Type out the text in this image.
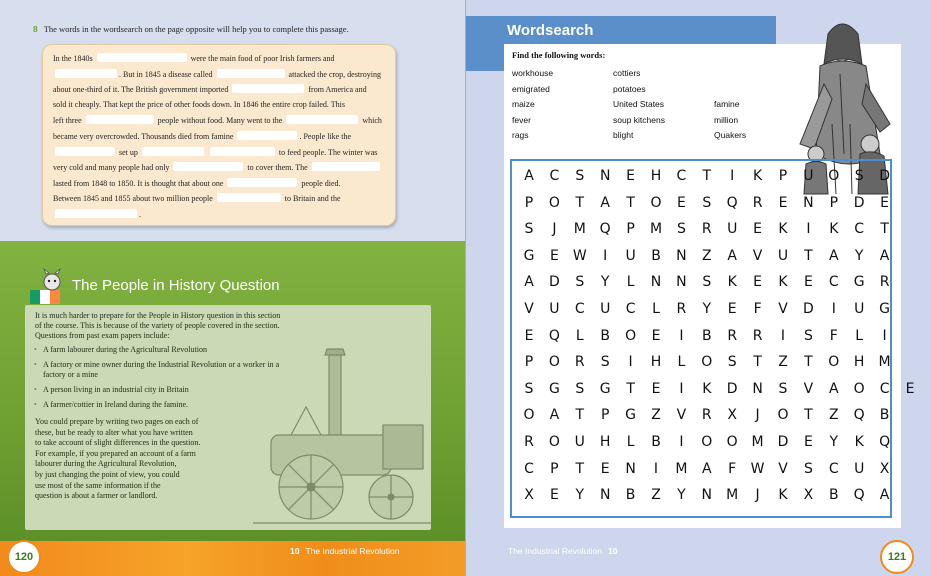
8 The words in the wordsearch on the page opposite will help you to complete this passage.
In the 1840s	were the main food of poor Irish farmers and
. But in 1845 a disease called	attacked the crop, destroying
about one-third of it. The British government imported	from America and
sold it cheaply. That kept the price of other foods down. In 1846 the entire crop failed. This
left three	people without food. Many went to the	which
became very overcrowded. Thousands died from famine	. People like the
set up	to feed people. The winter was
very cold and many people had only	to cover them. The
lasted from 1848 to 1850. It is thought that about one	people died.
Between 1845 and 1855 about two million people	to Britain and the
.
The People in History Question
It is much harder to prepare for the People in History question in this section
of the course. This is because of the variety of people covered in the section.
Questions from past exam papers include:
• A farm labourer during the Agricultural Revolution
• A factory or mine owner during the Industrial Revolution or a worker in a
factory or a mine
• A person living in an industrial city in Britain
• A farmer/cottier in Ireland during the famine.
You could prepare by writing two pages on each of
these, but be ready to alter what you have written
to take account of slight differences in the question.
For example, if you prepared an account of a farm
labourer during the Agricultural Revolution,
by just changing the point of view, you could
use most of the same information if the
question is about a farmer or landlord.
120	10 The Industrial Revolution
Wordsearch
Find the following words:
workhouse
emigrated
maize
fever
rags
cottiers
potatoes
United States
soup kitchens
blight
famine
million
Quakers
A	C	S	N	E	H	C	T	I	K	P	U	O	S	D
P	O	T	A	T	O	E	S	Q	R	E	N	P	D	E
S	J	M Q	P	M	S	R	U	E	K	I	K	C	T
G	E	W	I	U	B	N	Z	A	V	U	T	A	Y	A
A	D	S	Y	L	N	N	S	K	E	K	E	C	G	R
V	U	C	U	C	L	R	Y	E	F	V	D	I	U	G
E	Q	L	B	O	E	I	B	R	R	I	S	F	L	I
P	O	R	S	I	H	L	O	S	T	Z	T	O	H	M
S	G	S	G	T	E	I	K	D	N	S	V	A	O	C	E
O	A	T	P	G	Z	V	R	X	J	O	T	Z	Q	B
R	O	U	H	L	B	I	O	O M D	E	Y	K	Q
C	P	T	E	N	I	M	A	F	W V	S	C	U	X
X	E	Y	N	B	Z	Y	N	M	J	K	X	B	Q	A
The Industrial Revolution 10	121
